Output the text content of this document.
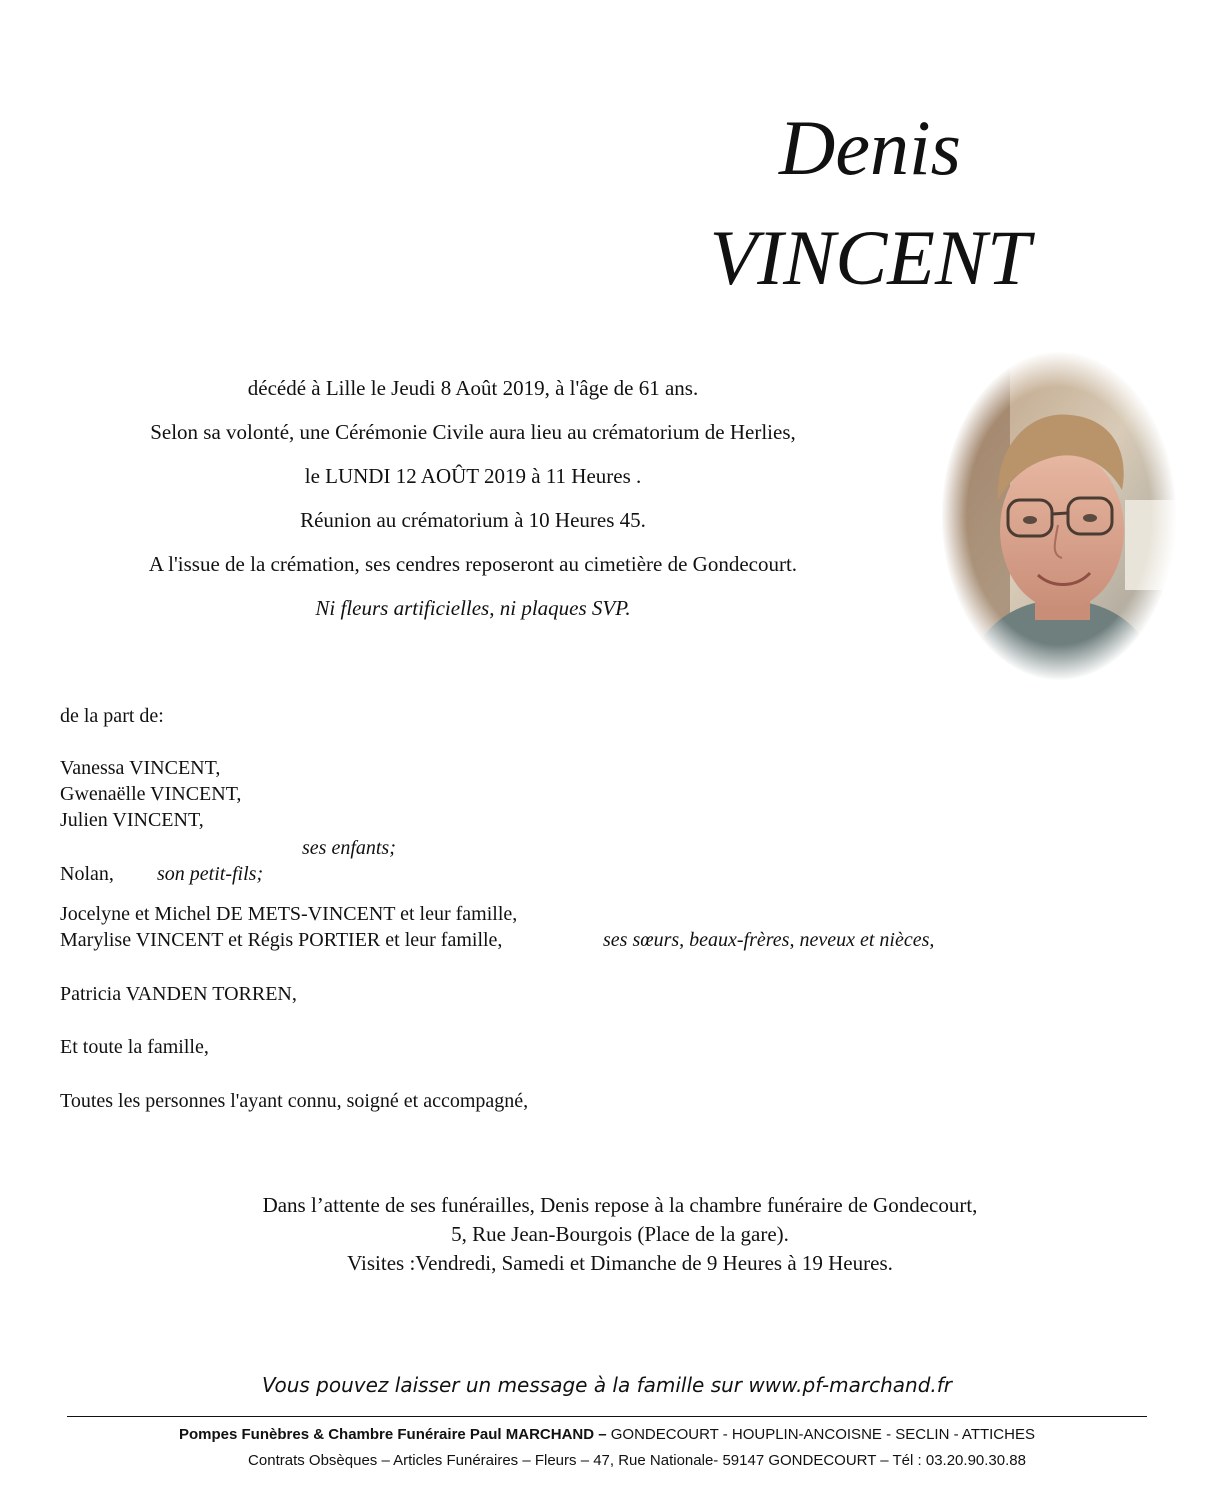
Denis
VINCENT
décédé à Lille le Jeudi 8 Août 2019, à l'âge de 61 ans.
Selon sa volonté, une Cérémonie Civile aura lieu au crématorium de Herlies,
le LUNDI 12 AOÛT 2019 à 11 Heures .
Réunion au crématorium à 10 Heures 45.
A l'issue de la crémation, ses cendres reposeront au cimetière de Gondecourt.
Ni fleurs artificielles, ni plaques SVP.
de la part de:
Vanessa VINCENT,
Gwenaëlle VINCENT,
Julien VINCENT,
ses enfants;
Nolan, son petit-fils;
Jocelyne et Michel DE METS-VINCENT et leur famille,
Marylise VINCENT et Régis PORTIER et leur famille,	ses sœurs, beaux-frères, neveux et nièces,
Patricia VANDEN TORREN,
Et toute la famille,
Toutes les personnes l'ayant connu, soigné et accompagné,
Dans l’attente de ses funérailles, Denis repose à la chambre funéraire de Gondecourt,
5, Rue Jean-Bourgois (Place de la gare).
Visites :Vendredi, Samedi et Dimanche de 9 Heures à 19 Heures.
Vous pouvez laisser un message à la famille sur www.pf-marchand.fr
Pompes Funèbres & Chambre Funéraire Paul MARCHAND – GONDECOURT - HOUPLIN-ANCOISNE - SECLIN - ATTICHES
Contrats Obsèques – Articles Funéraires – Fleurs – 47, Rue Nationale- 59147 GONDECOURT – Tél : 03.20.90.30.88
